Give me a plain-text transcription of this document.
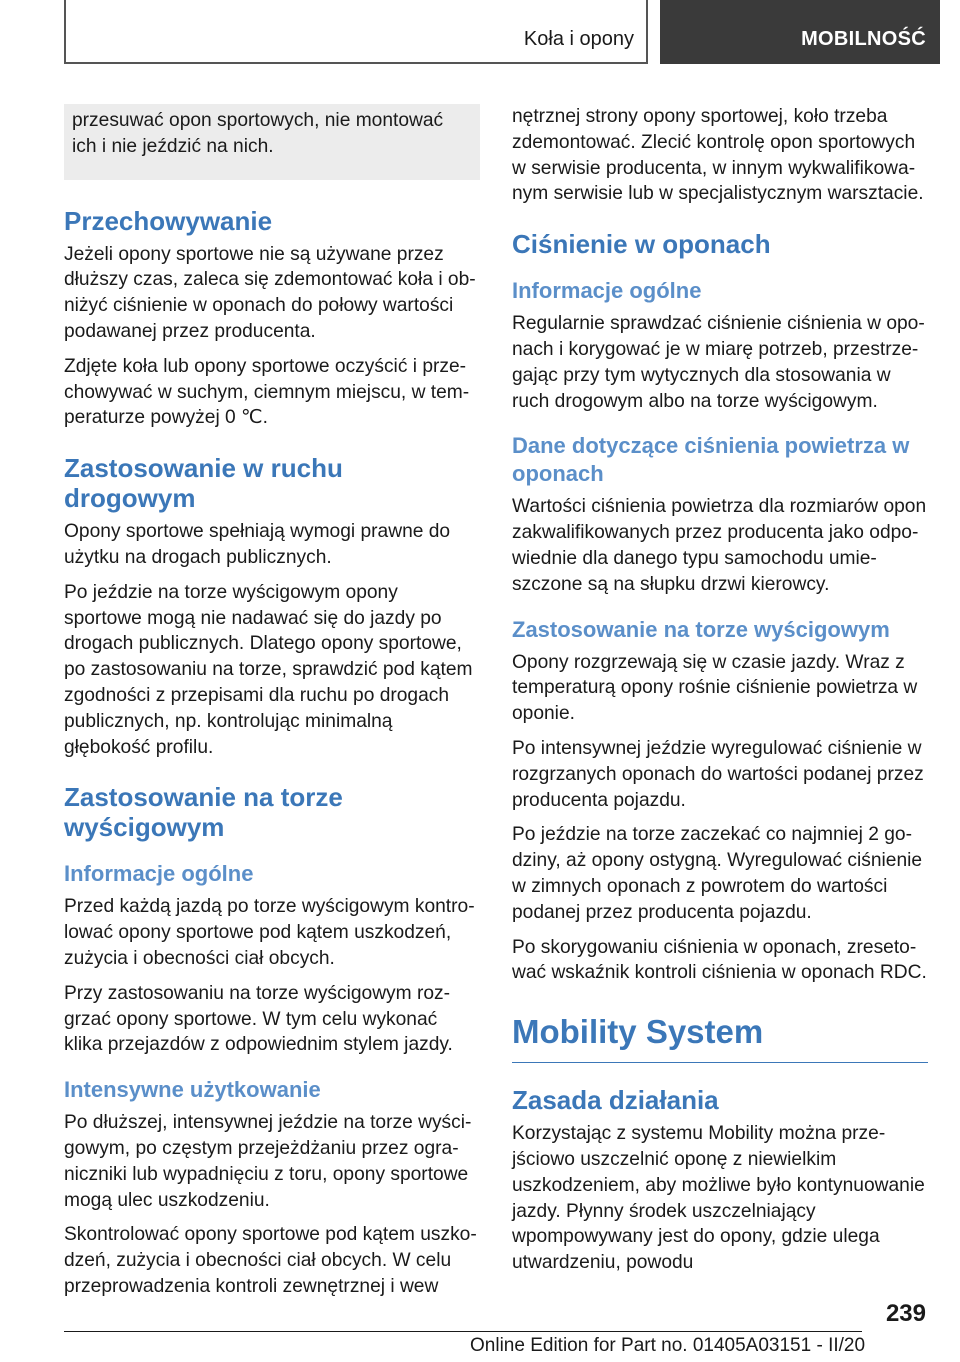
Koła i opony	MOBILNOŚĆ

przesuwać opon sportowych, nie montować ich i nie jeździć na nich.

Przechowywanie

Jeżeli opony sportowe nie są używane przez dłuższy czas, zaleca się zdemontować koła i obniżyć ciśnienie w oponach do połowy wartości podawanej przez producenta.

Zdjęte koła lub opony sportowe oczyścić i przechowywać w suchym, ciemnym miejscu, w temperaturze powyżej 0 ℃.

Zastosowanie w ruchu drogowym

Opony sportowe spełniają wymogi prawne do użytku na drogach publicznych.

Po jeździe na torze wyścigowym opony sportowe mogą nie nadawać się do jazdy po drogach publicznych. Dlatego opony sportowe, po zastosowaniu na torze, sprawdzić pod kątem zgodności z przepisami dla ruchu po drogach publicznych, np. kontrolując minimalną głębokość profilu.

Zastosowanie na torze wyścigowym
Informacje ogólne

Przed każdą jazdą po torze wyścigowym kontrolować opony sportowe pod kątem uszkodzeń, zużycia i obecności ciał obcych.

Przy zastosowaniu na torze wyścigowym rozgrzać opony sportowe. W tym celu wykonać klika przejazdów z odpowiednim stylem jazdy.

Intensywne użytkowanie

Po dłuższej, intensywnej jeździe na torze wyścigowym, po częstym przejeżdżaniu przez ograniczniki lub wypadnięciu z toru, opony sportowe mogą ulec uszkodzeniu.

Skontrolować opony sportowe pod kątem uszkodzeń, zużycia i obecności ciał obcych. W celu przeprowadzenia kontroli zewnętrznej i wew

nętrznej strony opony sportowej, koło trzeba zdemontować. Zlecić kontrolę opon sportowych w serwisie producenta, w innym wykwalifikowanym serwisie lub w specjalistycznym warsztacie.

Ciśnienie w oponach
Informacje ogólne

Regularnie sprawdzać ciśnienie ciśnienia w oponach i korygować je w miarę potrzeb, przestrzegając przy tym wytycznych dla stosowania w ruch drogowym albo na torze wyścigowym.

Dane dotyczące ciśnienia powietrza w oponach

Wartości ciśnienia powietrza dla rozmiarów opon zakwalifikowanych przez producenta jako odpowiednie dla danego typu samochodu umieszczone są na słupku drzwi kierowcy.

Zastosowanie na torze wyścigowym

Opony rozgrzewają się w czasie jazdy. Wraz z temperaturą opony rośnie ciśnienie powietrza w oponie.

Po intensywnej jeździe wyregulować ciśnienie w rozgrzanych oponach do wartości podanej przez producenta pojazdu.

Po jeździe na torze zaczekać co najmniej 2 godziny, aż opony ostygną. Wyregulować ciśnienie w zimnych oponach z powrotem do wartości podanej przez producenta pojazdu.

Po skorygowaniu ciśnienia w oponach, zresetować wskaźnik kontroli ciśnienia w oponach RDC.

Mobility System
Zasada działania

Korzystając z systemu Mobility można przejściowo uszczelnić oponę z niewielkim uszkodzeniem, aby możliwe było kontynuowanie jazdy. Płynny środek uszczelniający wpompowywany jest do opony, gdzie ulega utwardzeniu, powodu

239
Online Edition for Part no. 01405A03151 - II/20
